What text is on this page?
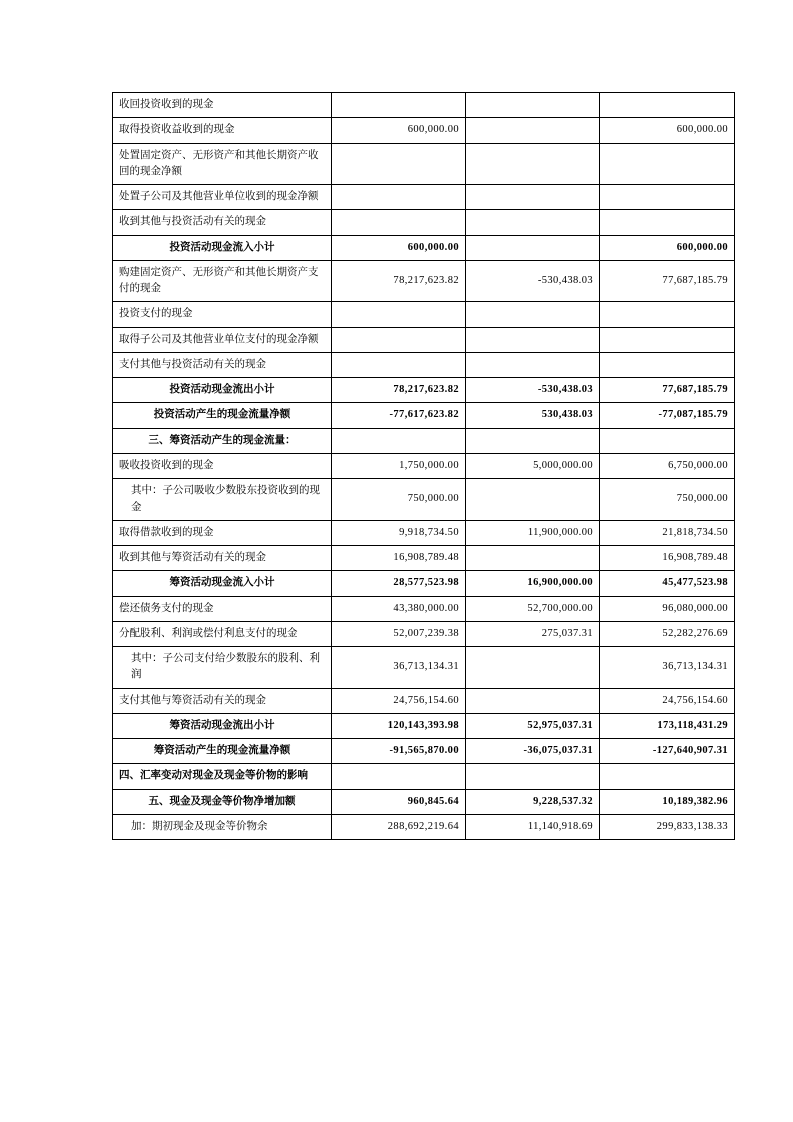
收回投资收到的现金			
取得投资收益收到的现金	600,000.00		600,000.00
处置固定资产、无形资产和其他长期资产收回的现金净额			
处置子公司及其他营业单位收到的现金净额			
收到其他与投资活动有关的现金			
投资活动现金流入小计	600,000.00		600,000.00
购建固定资产、无形资产和其他长期资产支付的现金	78,217,623.82	-530,438.03	77,687,185.79
投资支付的现金			
取得子公司及其他营业单位支付的现金净额			
支付其他与投资活动有关的现金			
投资活动现金流出小计	78,217,623.82	-530,438.03	77,687,185.79
投资活动产生的现金流量净额	-77,617,623.82	530,438.03	-77,087,185.79
三、筹资活动产生的现金流量：			
吸收投资收到的现金	1,750,000.00	5,000,000.00	6,750,000.00
其中：子公司吸收少数股东投资收到的现金	750,000.00		750,000.00
取得借款收到的现金	9,918,734.50	11,900,000.00	21,818,734.50
收到其他与筹资活动有关的现金	16,908,789.48		16,908,789.48
筹资活动现金流入小计	28,577,523.98	16,900,000.00	45,477,523.98
偿还债务支付的现金	43,380,000.00	52,700,000.00	96,080,000.00
分配股利、利润或偿付利息支付的现金	52,007,239.38	275,037.31	52,282,276.69
其中：子公司支付给少数股东的股利、利润	36,713,134.31		36,713,134.31
支付其他与筹资活动有关的现金	24,756,154.60		24,756,154.60
筹资活动现金流出小计	120,143,393.98	52,975,037.31	173,118,431.29
筹资活动产生的现金流量净额	-91,565,870.00	-36,075,037.31	-127,640,907.31
四、汇率变动对现金及现金等价物的影响			
五、现金及现金等价物净增加额	960,845.64	9,228,537.32	10,189,382.96
加：期初现金及现金等价物余	288,692,219.64	11,140,918.69	299,833,138.33
